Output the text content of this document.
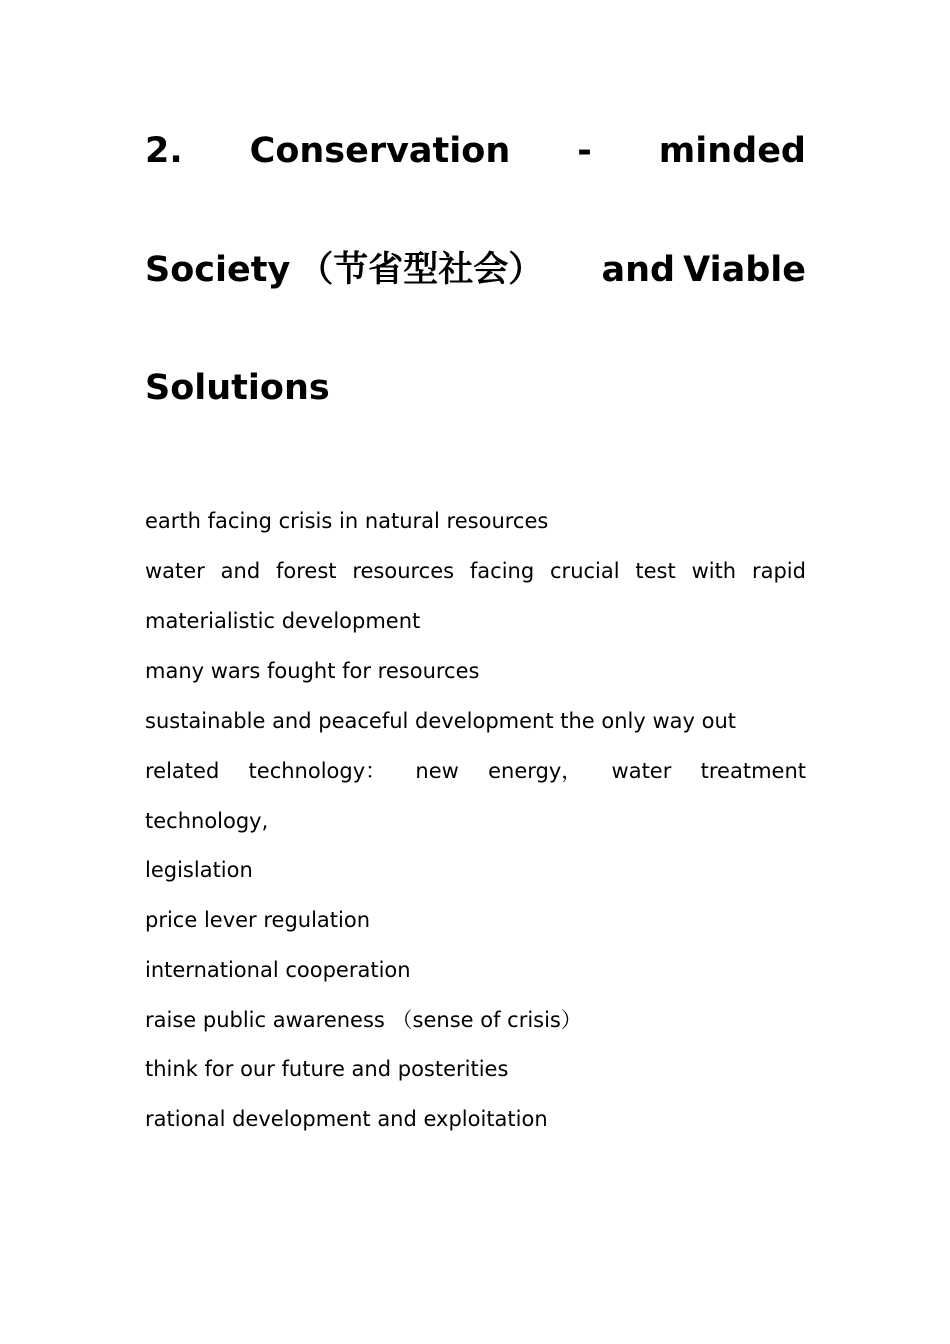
2. Conservation - minded
Society （节省型社会） and Viable
Solutions

earth facing crisis in natural resources

water and forest resources facing crucial test with rapid

materialistic development

many wars fought for resources

sustainable and peaceful development the only way out

related technology： new energy， water treatment

technology,

legislation

price lever regulation

international cooperation

raise public awareness （sense of crisis）

think for our future and posterities

rational development and exploitation
